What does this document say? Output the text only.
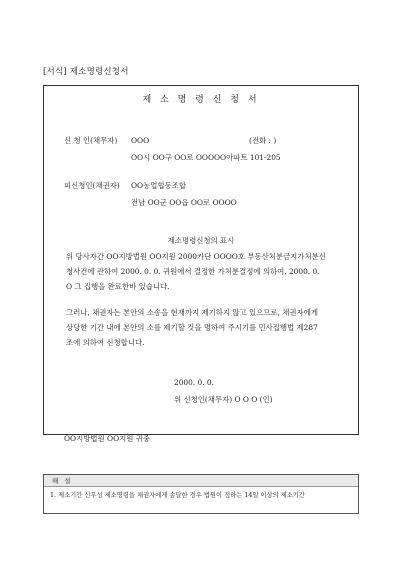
[서식] 제소명령신청서
제 소 명 령 신 청 서
신 청 인(채무자) OOO	(전화 : )
OO시 OO구 OO로 OOOOO아파트 101-205
피신청인(채권자) OO농업협동조합
전남 OO군 OO읍 OO로 OOOO
제소명령신청의 표시
위 당사자간 OO지방법원 OO지원 2000카단 OOOO호 부동산처분금지가처분신
청사건에 관하여 2000. 0. 0. 귀원에서 결정한 가처분결정에 의하여, 2000. 0.
O 그 집행을 완료한바 있습니다.
그러나, 채권자는 본안의 소송을 현재까지 제기하지 않고 있으므로, 채권자에게
상당한 기간 내에 본안의 소를 제기할 것을 명하여 주시기를 민사집행법 제287
조에 의하여 신청합니다.
2000. 0. 0.
위 신청인(채무자) O O O (인)
OO지방법원 OO지원 귀중
해 설
1. 제소기간 신무성 제소명령을 채권자에게 송달한 경우 법원이 정하는 14일 이상의 제소기간
